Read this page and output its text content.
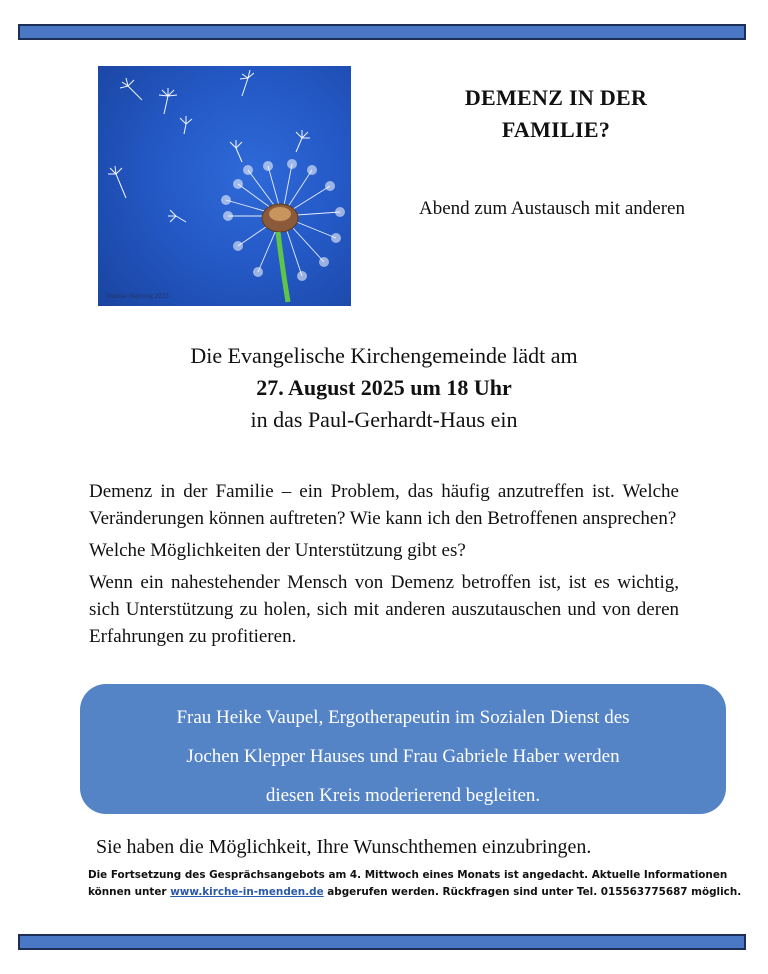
Jeanine Heptung 2023
DEMENZ IN DER
FAMILIE?
Abend zum Austausch mit anderen
Die Evangelische Kirchengemeinde lädt am
27. August 2025 um 18 Uhr
in das Paul-Gerhardt-Haus ein

Demenz in der Familie – ein Problem, das häufig anzutreffen ist. Welche Veränderungen können auftreten? Wie kann ich den Betroffenen ansprechen?

Welche Möglichkeiten der Unterstützung gibt es?

Wenn ein nahestehender Mensch von Demenz betroffen ist, ist es wichtig, sich Unterstützung zu holen, sich mit anderen auszutauschen und von deren Erfahrungen zu profitieren.

Frau Heike Vaupel, Ergotherapeutin im Sozialen Dienst des
Jochen Klepper Hauses und Frau Gabriele Haber werden
diesen Kreis moderierend begleiten.
Sie haben die Möglichkeit, Ihre Wunschthemen einzubringen.
Die Fortsetzung des Gesprächsangebots am 4. Mittwoch eines Monats ist angedacht. Aktuelle Informationen
können unter www.kirche-in-menden.de abgerufen werden. Rückfragen sind unter Tel. 015563775687 möglich.
